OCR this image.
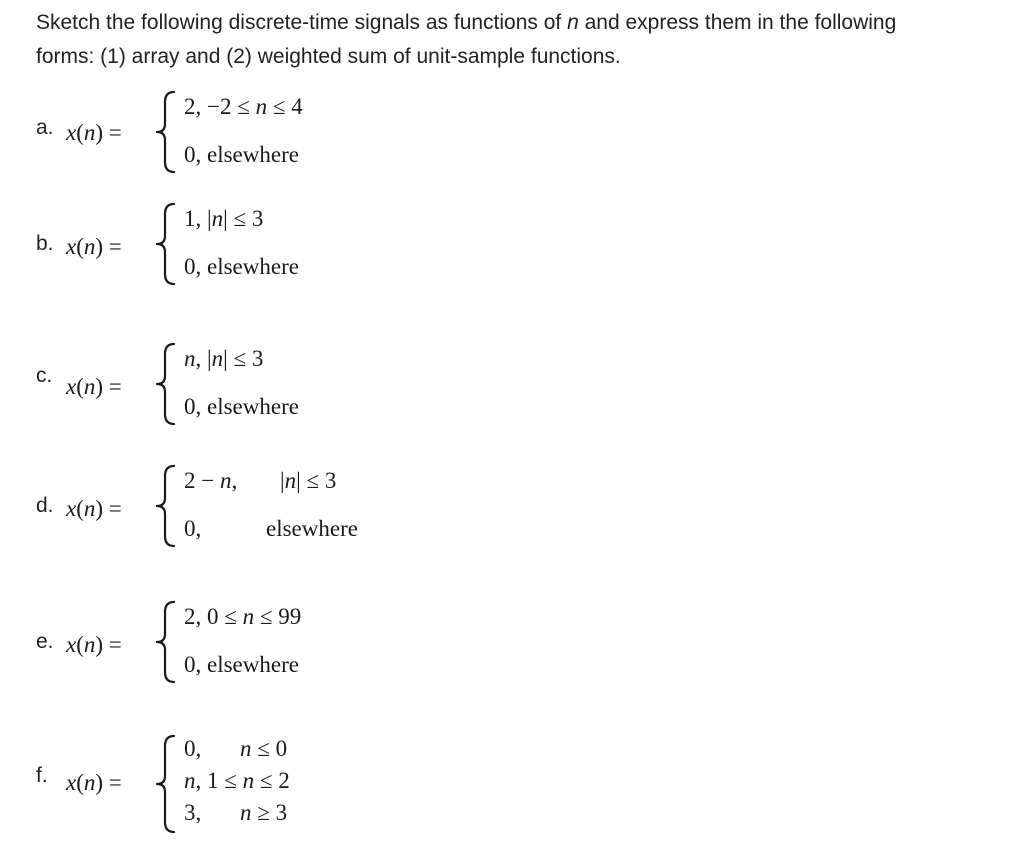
Sketch the following discrete-time signals as functions of n and express them in the following

forms: (1) array and (2) weighted sum of unit-sample functions.

a. x(n) =
2, −2 ≤ n ≤ 4
0, elsewhere
b. x(n) =
1, |n| ≤ 3
0, elsewhere
c. x(n) =
n, |n| ≤ 3
0, elsewhere
d. x(n) =
2 − n, |n| ≤ 3
0,	elsewhere
e. x(n) =
2, 0 ≤ n ≤ 99
0, elsewhere
f. x(n) =
0, n ≤ 0
n, 1 ≤ n ≤ 2
3, n ≥ 3
